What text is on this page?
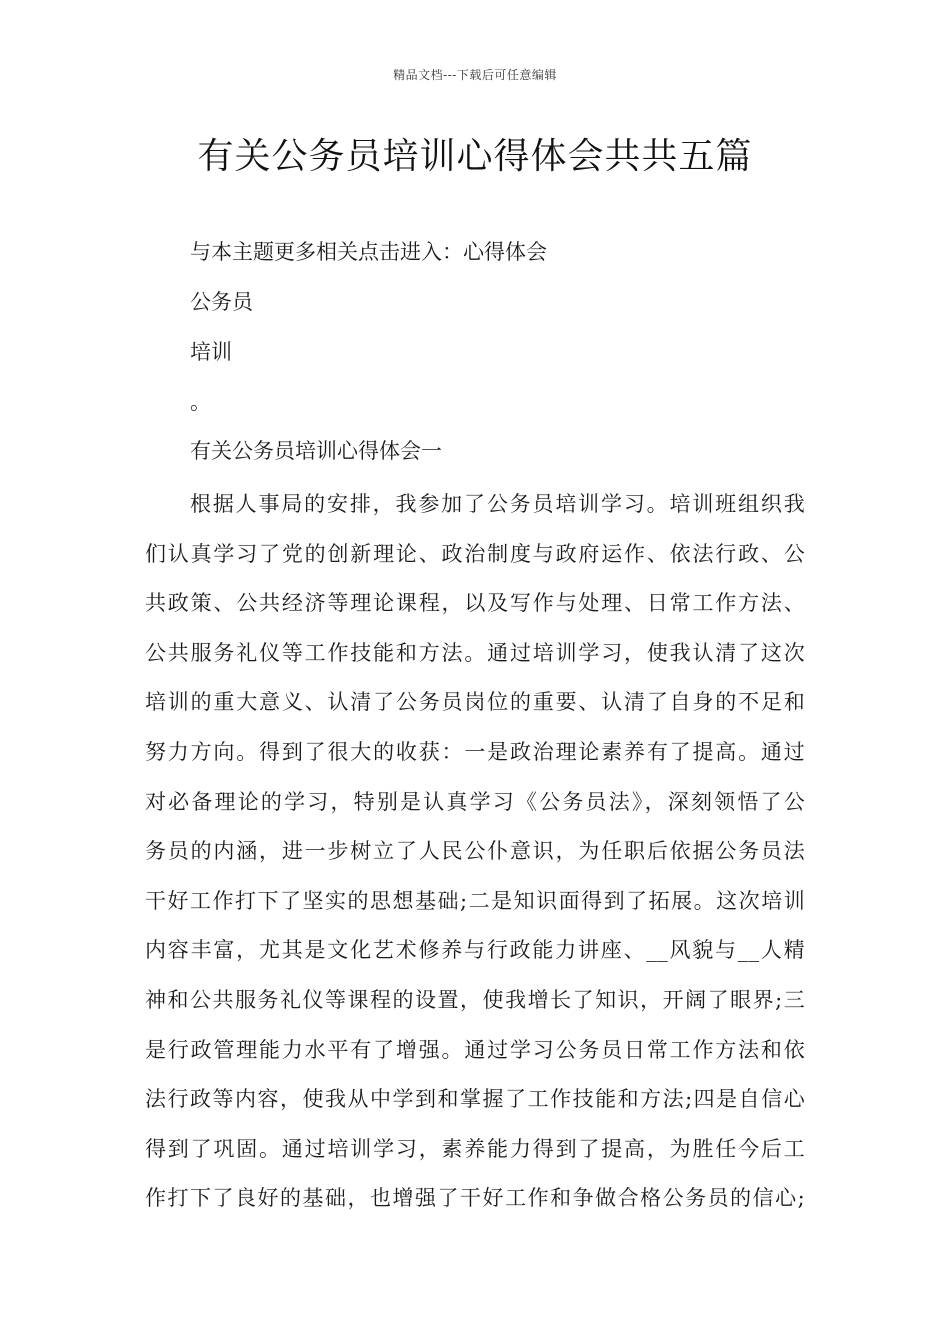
精品文档---下载后可任意编辑
有关公务员培训心得体会共共五篇
与本主题更多相关点击进入：心得体会
公务员
培训
。
有关公务员培训心得体会一
根据人事局的安排，我参加了公务员培训学习。培训班组织我
们认真学习了党的创新理论、政治制度与政府运作、依法行政、公
共政策、公共经济等理论课程，以及写作与处理、日常工作方法、
公共服务礼仪等工作技能和方法。通过培训学习，使我认清了这次
培训的重大意义、认清了公务员岗位的重要、认清了自身的不足和
努力方向。得到了很大的收获：一是政治理论素养有了提高。通过
对必备理论的学习，特别是认真学习《公务员法》，深刻领悟了公
务员的内涵，进一步树立了人民公仆意识，为任职后依据公务员法
干好工作打下了坚实的思想基础;二是知识面得到了拓展。这次培训
内容丰富，尤其是文化艺术修养与行政能力讲座、__风貌与__人精
神和公共服务礼仪等课程的设置，使我增长了知识，开阔了眼界;三
是行政管理能力水平有了增强。通过学习公务员日常工作方法和依
法行政等内容，使我从中学到和掌握了工作技能和方法;四是自信心
得到了巩固。通过培训学习，素养能力得到了提高，为胜任今后工
作打下了良好的基础，也增强了干好工作和争做合格公务员的信心;
